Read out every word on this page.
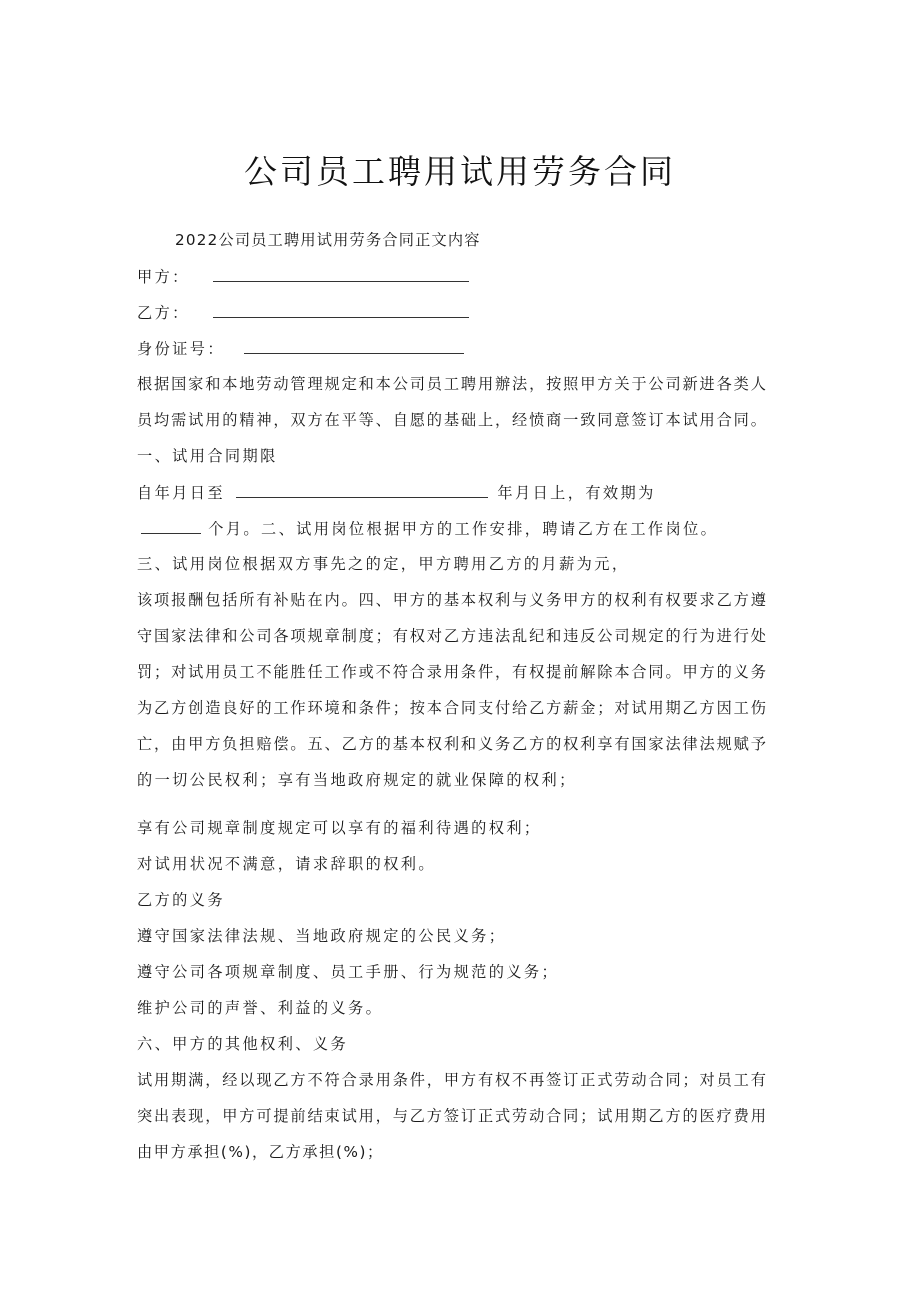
公司员工聘用试用劳务合同
2022公司员工聘用试用劳务合同正文内容
甲方：
乙方：
身份证号：
根 据 国 家 和 本 地 劳 动 管 理 规 定 和 本 公 司 员 工 聘 用 辦 法 ， 按 照 甲 方 关 于 公 司 新 进 各 类 人
员 均 需 试 用 的 精 神 ， 双 方 在 平 等 、 自 愿 的 基 础 上 ， 经 愤 商 一 致 同 意 签 订 本 试 用 合 同 。
一、试用合同期限
自年月日至	年月日上，有效期为
个月。二、试用岗位根据甲方的工作安排，聘请乙方在工作岗位。
三、试用岗位根据双方事先之的定，甲方聘用乙方的月薪为元，
该 项 报 酬 包 括 所 有 补 贴 在 内 。 四 、 甲 方 的 基 本 权 利 与 义 务 甲 方 的 权 利 有 权 要 求 乙 方 遵
守 国 家 法 律 和 公 司 各 项 规 章 制 度 ； 有 权 对 乙 方 违 法 乱 纪 和 违 反 公 司 规 定 的 行 为 进 行 处
罚 ； 对 试 用 员 工 不 能 胜 任 工 作 或 不 符 合 录 用 条 件 ， 有 权 提 前 解 除 本 合 同 。 甲 方 的 义 务
为 乙 方 创 造 良 好 的 工 作 环 境 和 条 件 ； 按 本 合 同 支 付 给 乙 方 薪 金 ； 对 试 用 期 乙 方 因 工 伤
亡 ， 由 甲 方 负 担 赔 偿 。 五 、 乙 方 的 基 本 权 利 和 义 务 乙 方 的 权 利 享 有 国 家 法 律 法 规 赋 予
的一切公民权利；享有当地政府规定的就业保障的权利；
享有公司规章制度规定可以享有的福利待遇的权利；
对试用状况不满意，请求辞职的权利。
乙方的义务
遵守国家法律法规、当地政府规定的公民义务；
遵守公司各项规章制度、员工手册、行为规范的义务；
维护公司的声誉、利益的义务。
六、甲方的其他权利、义务
试 用 期 满 ， 经 以 现 乙 方 不 符 合 录 用 条 件 ， 甲 方 有 权 不 再 签 订 正 式 劳 动 合 同 ； 对 员 工 有
突 出 表 现 ， 甲 方 可 提 前 结 束 试 用 ， 与 乙 方 签 订 正 式 劳 动 合 同 ； 试 用 期 乙 方 的 医 疗 费 用
由甲方承担(%)，乙方承担(%)；
